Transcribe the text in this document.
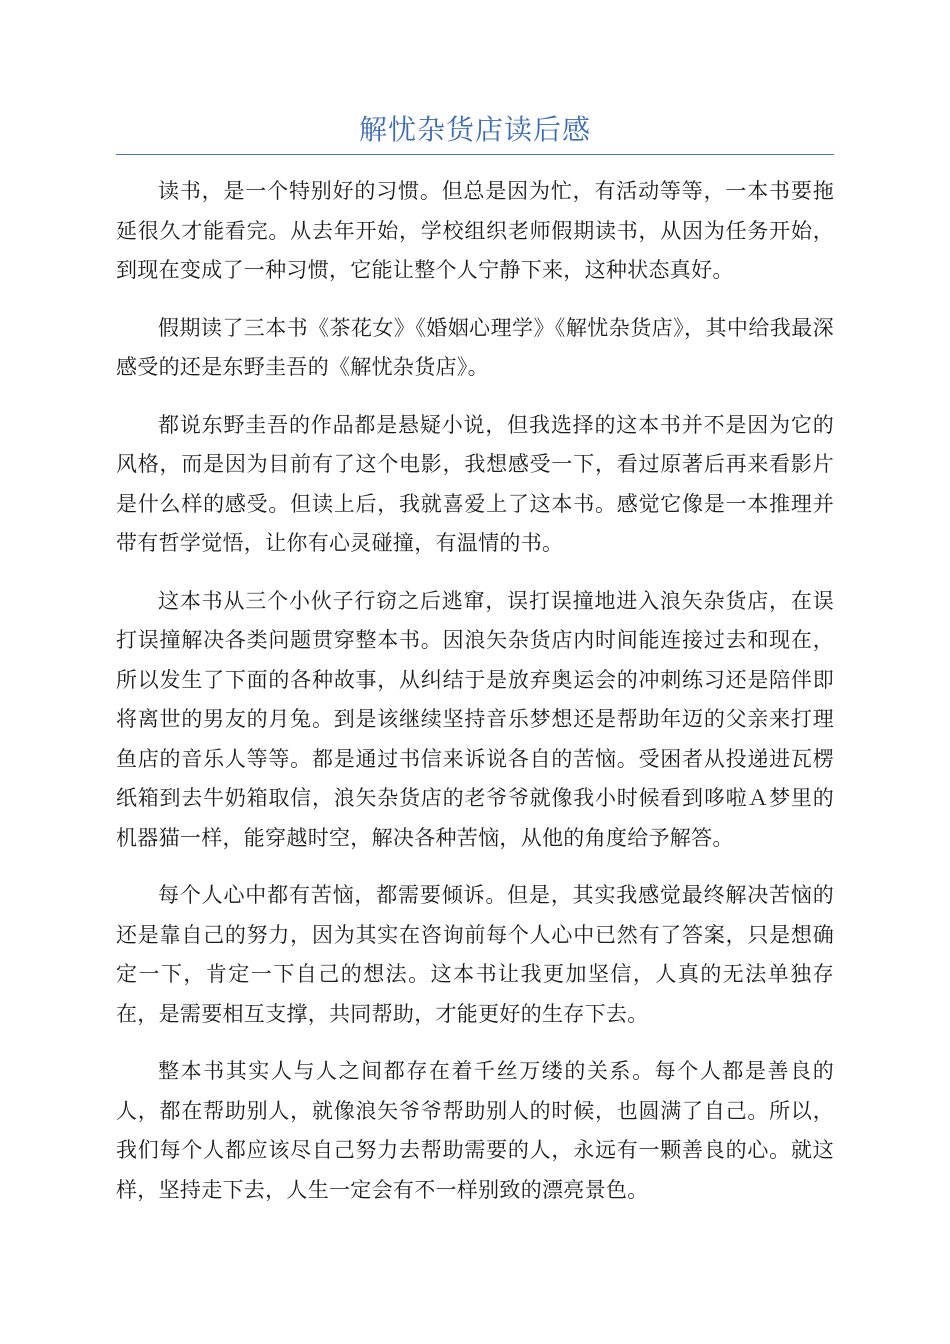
解忧杂货店读后感

读书，是一个特别好的习惯。但总是因为忙，有活动等等，一本书要拖延很久才能看完。从去年开始，学校组织老师假期读书，从因为任务开始，到现在变成了一种习惯，它能让整个人宁静下来，这种状态真好。

假期读了三本书《茶花女》《婚姻心理学》《解忧杂货店》，其中给我最深感受的还是东野圭吾的《解忧杂货店》。

都说东野圭吾的作品都是悬疑小说，但我选择的这本书并不是因为它的风格，而是因为目前有了这个电影，我想感受一下，看过原著后再来看影片是什么样的感受。但读上后，我就喜爱上了这本书。感觉它像是一本推理并带有哲学觉悟，让你有心灵碰撞，有温情的书。

这本书从三个小伙子行窃之后逃窜，误打误撞地进入浪矢杂货店，在误打误撞解决各类问题贯穿整本书。因浪矢杂货店内时间能连接过去和现在，所以发生了下面的各种故事，从纠结于是放弃奥运会的冲刺练习还是陪伴即将离世的男友的月兔。到是该继续坚持音乐梦想还是帮助年迈的父亲来打理鱼店的音乐人等等。都是通过书信来诉说各自的苦恼。受困者从投递进瓦楞纸箱到去牛奶箱取信，浪矢杂货店的老爷爷就像我小时候看到哆啦Ａ梦里的机器猫一样，能穿越时空，解决各种苦恼，从他的角度给予解答。

每个人心中都有苦恼，都需要倾诉。但是，其实我感觉最终解决苦恼的还是靠自己的努力，因为其实在咨询前每个人心中已然有了答案，只是想确定一下，肯定一下自己的想法。这本书让我更加坚信，人真的无法单独存在，是需要相互支撑，共同帮助，才能更好的生存下去。

整本书其实人与人之间都存在着千丝万缕的关系。每个人都是善良的人，都在帮助别人，就像浪矢爷爷帮助别人的时候，也圆满了自己。所以，我们每个人都应该尽自己努力去帮助需要的人，永远有一颗善良的心。就这样，坚持走下去，人生一定会有不一样别致的漂亮景色。
